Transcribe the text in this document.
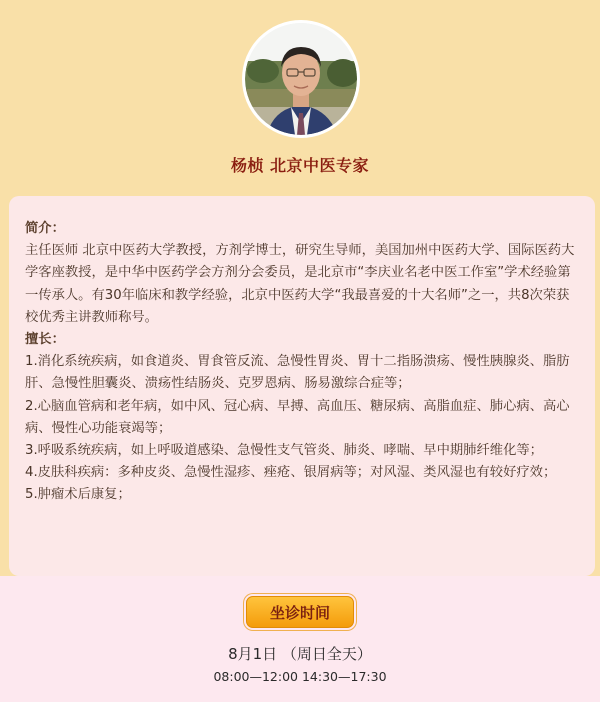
杨桢 北京中医专家

简介：

主任医师 北京中医药大学教授，方剂学博士，研究生导师，美国加州中医药大学、国际医药大学客座教授，是中华中医药学会方剂分会委员，是北京市“李庆业名老中医工作室”学术经验第一传承人。有30年临床和教学经验，北京中医药大学“我最喜爱的十大名师”之一，共8次荣获校优秀主讲教师称号。

擅长：

1.消化系统疾病，如食道炎、胃食管反流、急慢性胃炎、胃十二指肠溃疡、慢性胰腺炎、脂肪肝、急慢性胆囊炎、溃疡性结肠炎、克罗恩病、肠易激综合症等；

2.心脑血管病和老年病，如中风、冠心病、早搏、高血压、糖尿病、高脂血症、肺心病、高心病、慢性心功能衰竭等；

3.呼吸系统疾病，如上呼吸道感染、急慢性支气管炎、肺炎、哮喘、早中期肺纤维化等；

4.皮肤科疾病：多种皮炎、急慢性湿疹、痤疮、银屑病等；对风湿、类风湿也有较好疗效；

5.肿瘤术后康复；

坐诊时间
8月1日 （周日全天）
08:00—12:00 14:30—17:30
